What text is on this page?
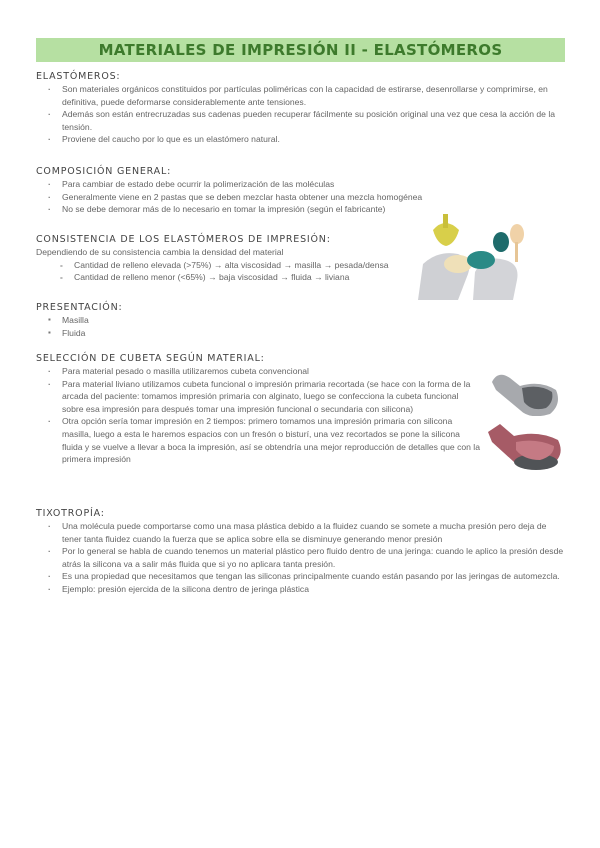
MATERIALES DE IMPRESIÓN II - ELASTÓMEROS
ELASTÓMEROS:
· Son materiales orgánicos constituidos por partículas poliméricas con la capacidad de estirarse, desenrollarse y comprimirse, en definitiva, puede deformarse considerablemente ante tensiones.
· Además son están entrecruzadas sus cadenas pueden recuperar fácilmente su posición original una vez que cesa la acción de la tensión.
· Proviene del caucho por lo que es un elastómero natural.
COMPOSICIÓN GENERAL:
· Para cambiar de estado debe ocurrir la polimerización de las moléculas
· Generalmente viene en 2 pastas que se deben mezclar hasta obtener una mezcla homogénea
· No se debe demorar más de lo necesario en tomar la impresión (según el fabricante)
CONSISTENCIA DE LOS ELASTÓMEROS DE IMPRESIÓN:
Dependiendo de su consistencia cambia la densidad del material
- Cantidad de relleno elevada (>75%) → alta viscosidad → masilla → pesada/densa
- Cantidad de relleno menor (<65%) → baja viscosidad → fluida → liviana
PRESENTACIÓN:
▪ Masilla
▪ Fluida
SELECCIÓN DE CUBETA SEGÚN MATERIAL:
· Para material pesado o masilla utilizaremos cubeta convencional
· Para material liviano utilizamos cubeta funcional o impresión primaria recortada (se hace con la forma de la arcada del paciente: tomamos impresión primaria con alginato, luego se confecciona la cubeta funcional sobre esa impresión para después tomar una impresión funcional o secundaria con silicona)
· Otra opción sería tomar impresión en 2 tiempos: primero tomamos una impresión primaria con silicona masilla, luego a esta le haremos espacios con un fresón o bisturí, una vez recortados se pone la silicona fluida y se vuelve a llevar a boca la impresión, así se obtendría una mejor reproducción de detalles que con la primera impresión
TIXOTROPÍA:
· Una molécula puede comportarse como una masa plástica debido a la fluidez cuando se somete a mucha presión pero deja de tener tanta fluidez cuando la fuerza que se aplica sobre ella se disminuye generando menor presión
· Por lo general se habla de cuando tenemos un material plástico pero fluido dentro de una jeringa: cuando le aplico la presión desde atrás la silicona va a salir más fluida que si yo no aplicara tanta presión.
· Es una propiedad que necesitamos que tengan las siliconas principalmente cuando están pasando por las jeringas de automezcla.
· Ejemplo: presión ejercida de la silicona dentro de jeringa plástica
